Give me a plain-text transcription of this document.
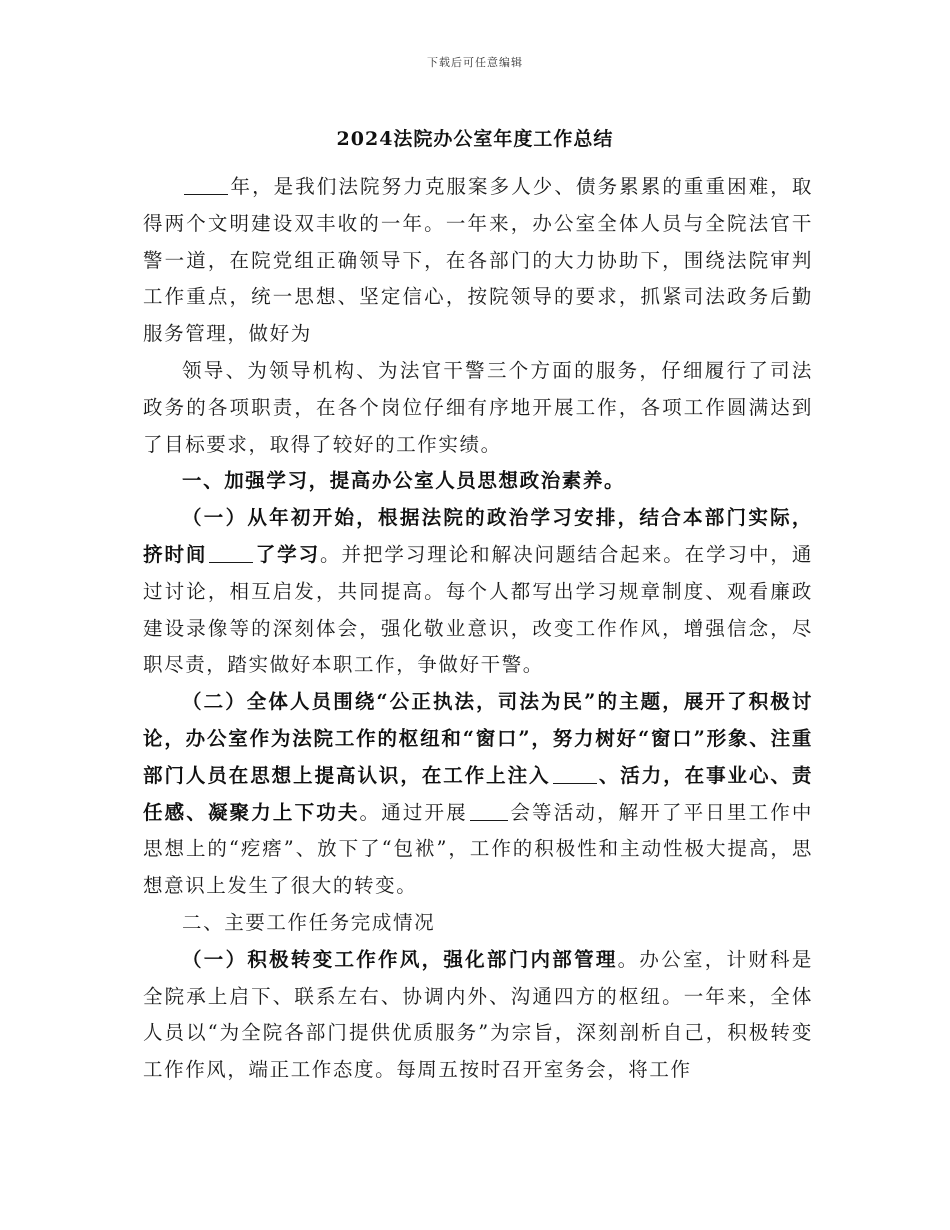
下载后可任意编辑
2024法院办公室年度工作总结

年，是我们法院努力克服案多人少、债务累累的重重困难，取得两个文明建设双丰收的一年。一年来，办公室全体人员与全院法官干警一道，在院党组正确领导下，在各部门的大力协助下，围绕法院审判工作重点，统一思想、坚定信心，按院领导的要求，抓紧司法政务后勤服务管理，做好为

领导、为领导机构、为法官干警三个方面的服务，仔细履行了司法政务的各项职责，在各个岗位仔细有序地开展工作，各项工作圆满达到了目标要求，取得了较好的工作实绩。

一、加强学习，提高办公室人员思想政治素养。

（一）从年初开始，根据法院的政治学习安排，结合本部门实际，挤时间 了学习。并把学习理论和解决问题结合起来。在学习中，通过讨论，相互启发，共同提高。每个人都写出学习规章制度、观看廉政建设录像等的深刻体会，强化敬业意识，改变工作作风，增强信念，尽职尽责，踏实做好本职工作，争做好干警。

（二）全体人员围绕“公正执法，司法为民”的主题，展开了积极讨论，办公室作为法院工作的枢纽和“窗口”，努力树好“窗口”形象、注重部门人员在思想上提高认识，在工作上注入 、活力，在事业心、责任感、凝聚力上下功夫。通过开展 会等活动，解开了平日里工作中思想上的“疙瘩”、放下了“包袱”，工作的积极性和主动性极大提高，思想意识上发生了很大的转变。

二、主要工作任务完成情况

（一）积极转变工作作风，强化部门内部管理。办公室，计财科是全院承上启下、联系左右、协调内外、沟通四方的枢纽。一年来，全体人员以“为全院各部门提供优质服务”为宗旨，深刻剖析自己，积极转变工作作风，端正工作态度。每周五按时召开室务会，将工作
